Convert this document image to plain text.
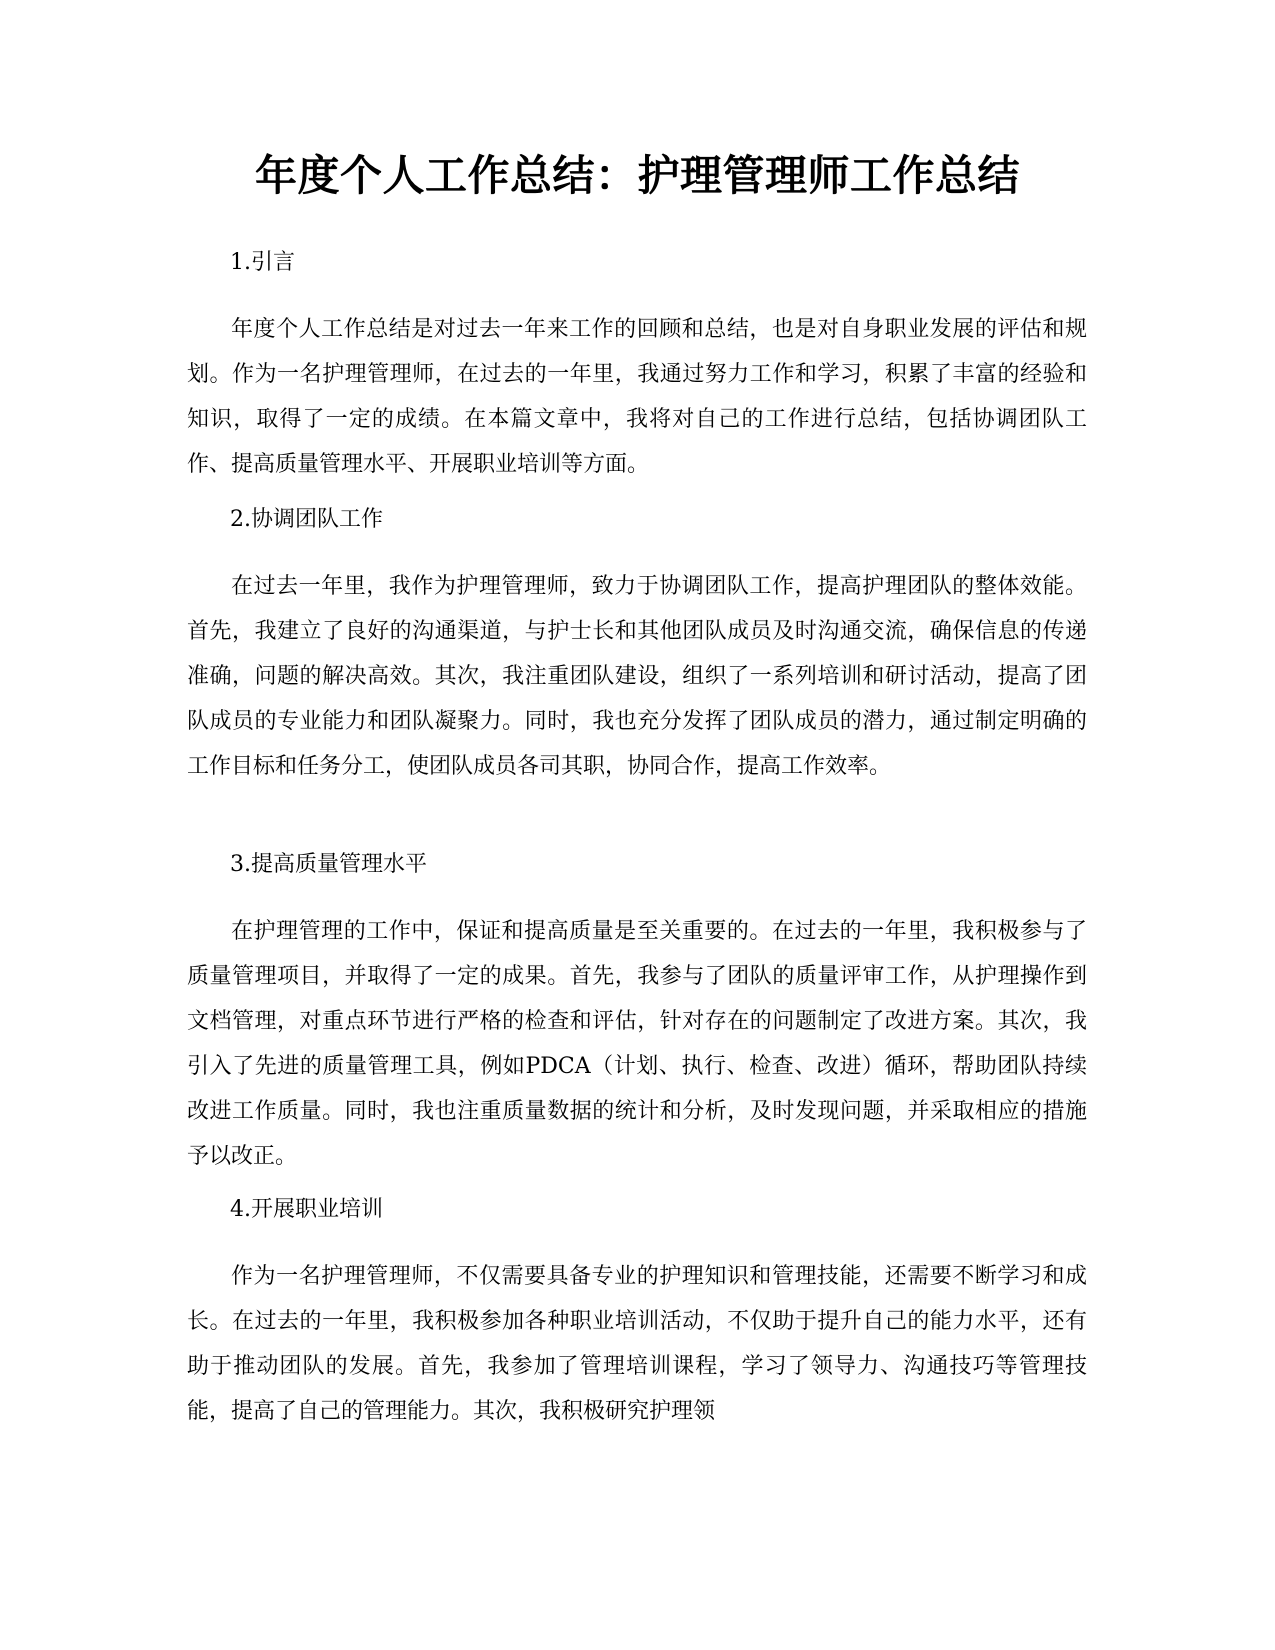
年度个人工作总结：护理管理师工作总结

1.引言

年度个人工作总结是对过去一年来工作的回顾和总结，也是对自身职业发展的评估和规划。作为一名护理管理师，在过去的一年里，我通过努力工作和学习，积累了丰富的经验和知识，取得了一定的成绩。在本篇文章中，我将对自己的工作进行总结，包括协调团队工作、提高质量管理水平、开展职业培训等方面。

2.协调团队工作

在过去一年里，我作为护理管理师，致力于协调团队工作，提高护理团队的整体效能。首先，我建立了良好的沟通渠道，与护士长和其他团队成员及时沟通交流，确保信息的传递准确，问题的解决高效。其次，我注重团队建设，组织了一系列培训和研讨活动，提高了团队成员的专业能力和团队凝聚力。同时，我也充分发挥了团队成员的潜力，通过制定明确的工作目标和任务分工，使团队成员各司其职，协同合作，提高工作效率。

3.提高质量管理水平

在护理管理的工作中，保证和提高质量是至关重要的。在过去的一年里，我积极参与了质量管理项目，并取得了一定的成果。首先，我参与了团队的质量评审工作，从护理操作到文档管理，对重点环节进行严格的检查和评估，针对存在的问题制定了改进方案。其次，我引入了先进的质量管理工具，例如PDCA（计划、执行、检查、改进）循环，帮助团队持续改进工作质量。同时，我也注重质量数据的统计和分析，及时发现问题，并采取相应的措施予以改正。

4.开展职业培训

作为一名护理管理师，不仅需要具备专业的护理知识和管理技能，还需要不断学习和成长。在过去的一年里，我积极参加各种职业培训活动，不仅助于提升自己的能力水平，还有助于推动团队的发展。首先，我参加了管理培训课程，学习了领导力、沟通技巧等管理技能，提高了自己的管理能力。其次，我积极研究护理领
